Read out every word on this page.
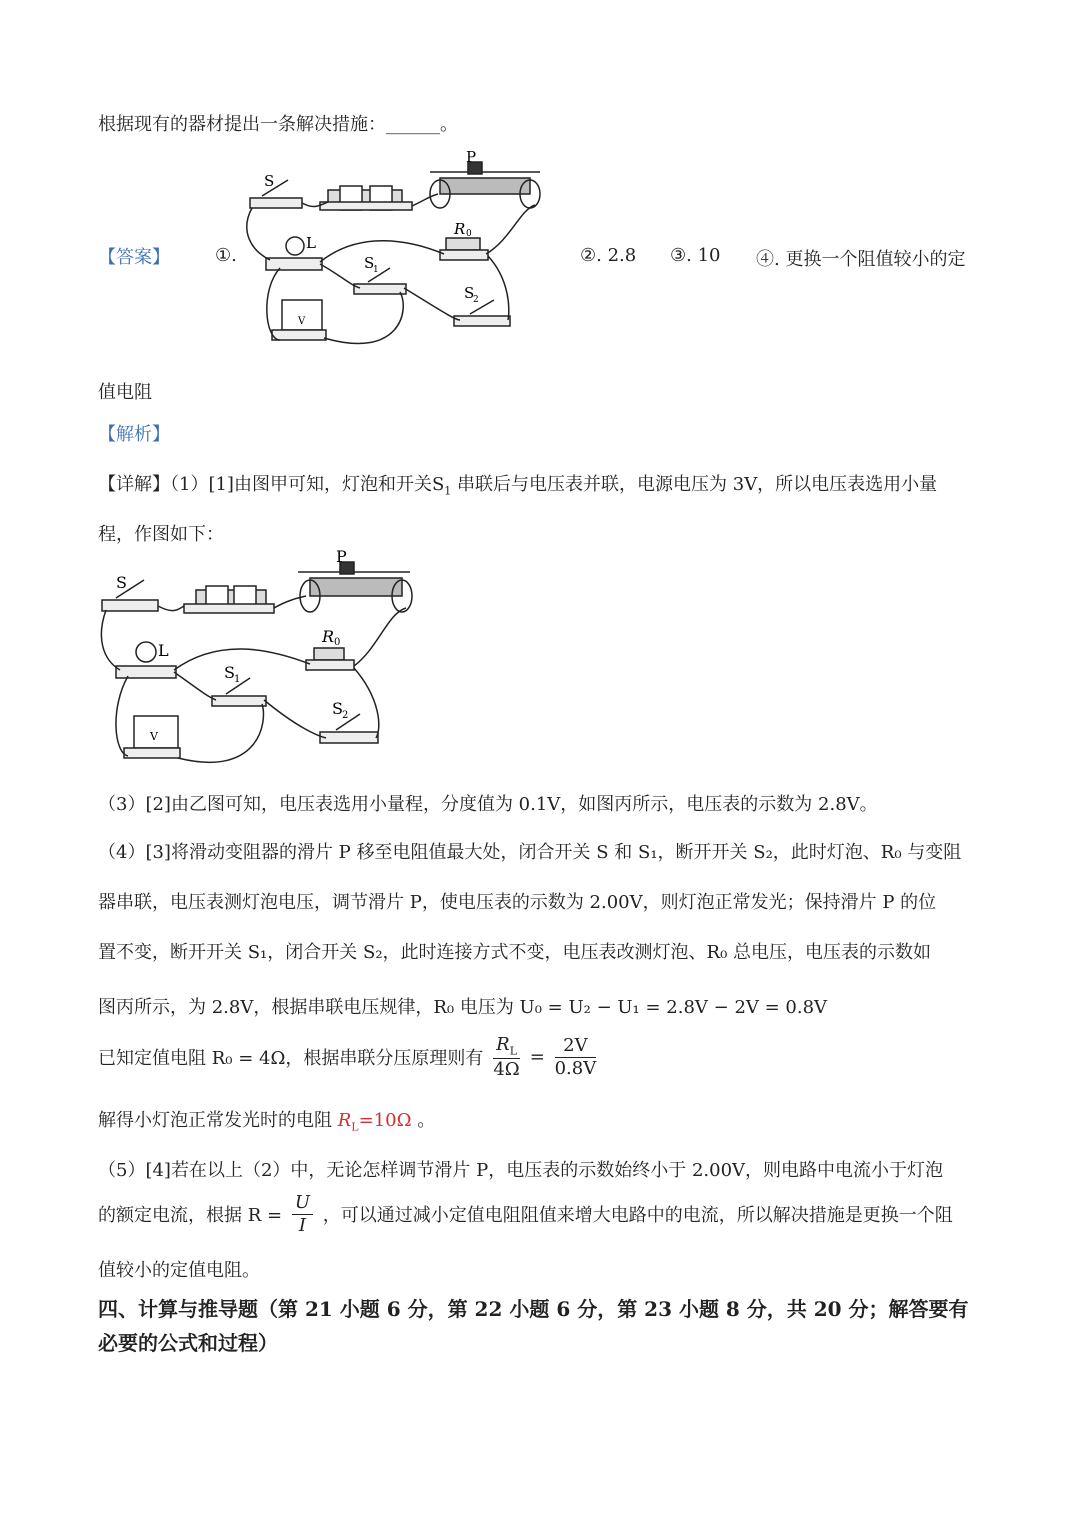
根据现有的器材提出一条解决措施：______。
【答案】	①.	②. 2.8 ③. 10 ④. 更换一个阻值较小的定
值电阻
S
P
L
R 0
S
1
S
2
V
【解析】
【详解】（1）[1]由图甲可知，灯泡和开关$S_1$ 串联后与电压表并联，电源电压为 3V，所以电压表选用小量
程，作图如下：
S
P
L
R 0
S 1
S 2
V
（3）[2]由乙图可知，电压表选用小量程，分度值为 0.1V，如图丙所示，电压表的示数为 2.8V。
（4）[3]将滑动变阻器的滑片 P 移至电阻值最大处，闭合开关 S 和 S₁，断开开关 S₂，此时灯泡、R₀ 与变阻
器串联，电压表测灯泡电压，调节滑片 P，使电压表的示数为 2.00V，则灯泡正常发光；保持滑片 P 的位
置不变，断开开关 S₁，闭合开关 S₂，此时连接方式不变，电压表改测灯泡、R₀ 总电压，电压表的示数如
图丙所示，为 2.8V，根据串联电压规律，R₀ 电压为 U₀ = U₂ − U₁ = 2.8V − 2V = 0.8V
已知定值电阻 R₀ = 4Ω，根据串联分压原理则有 $\frac{R_L}{4\Omega} = \frac{2V}{0.8V}$
解得小灯泡正常发光时的电阻 $R_L=10\Omega$ 。
（5）[4]若在以上（2）中，无论怎样调节滑片 P，电压表的示数始终小于 2.00V，则电路中电流小于灯泡
的额定电流，根据 $R = \frac{U}{I}$ ，可以通过减小定值电阻阻值来增大电路中的电流，所以解决措施是更换一个阻
值较小的定值电阻。
四、计算与推导题（第 21 小题 6 分，第 22 小题 6 分，第 23 小题 8 分，共 20 分；解答要有
必要的公式和过程）
